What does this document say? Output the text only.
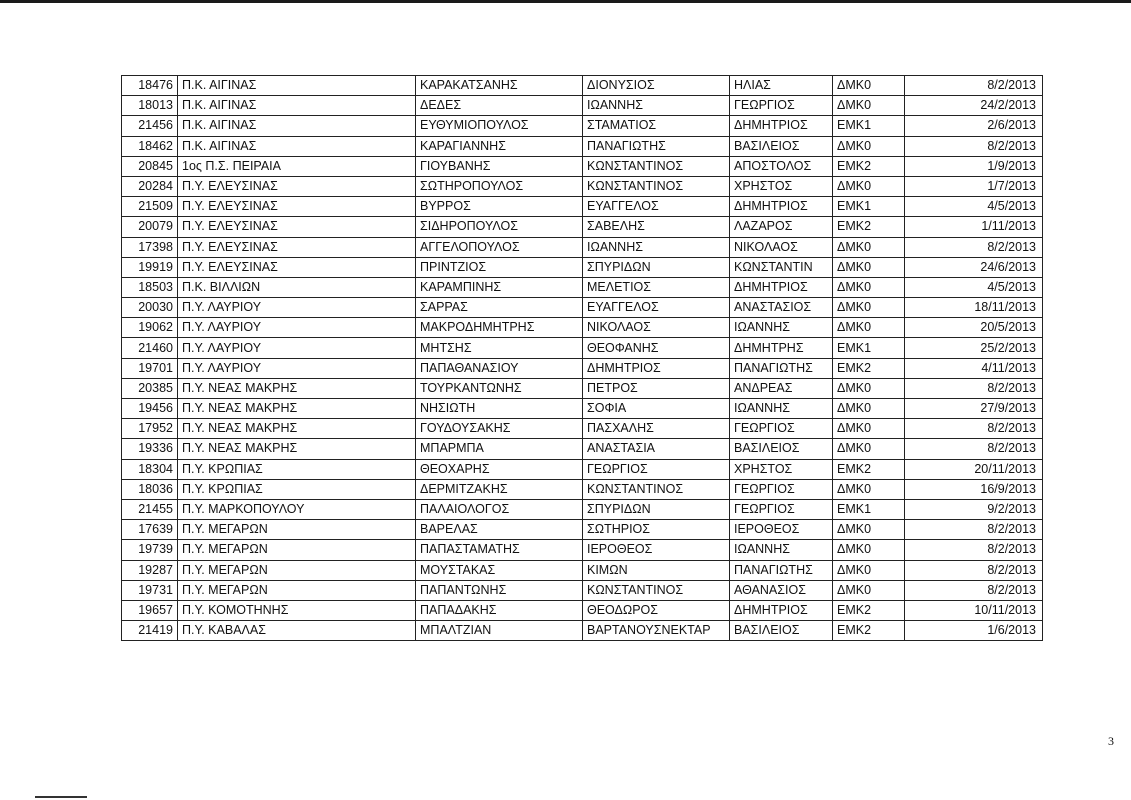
18476	Π.Κ. ΑΙΓΙΝΑΣ	ΚΑΡΑΚΑΤΣΑΝΗΣ	ΔΙΟΝΥΣΙΟΣ	ΗΛΙΑΣ	ΔΜΚ0	8/2/2013
18013	Π.Κ. ΑΙΓΙΝΑΣ	ΔΕΔΕΣ	ΙΩΑΝΝΗΣ	ΓΕΩΡΓΙΟΣ	ΔΜΚ0	24/2/2013
21456	Π.Κ. ΑΙΓΙΝΑΣ	ΕΥΘΥΜΙΟΠΟΥΛΟΣ	ΣΤΑΜΑΤΙΟΣ	ΔΗΜΗΤΡΙΟΣ	ΕΜΚ1	2/6/2013
18462	Π.Κ. ΑΙΓΙΝΑΣ	ΚΑΡΑΓΙΑΝΝΗΣ	ΠΑΝΑΓΙΩΤΗΣ	ΒΑΣΙΛΕΙΟΣ	ΔΜΚ0	8/2/2013
20845	1ος Π.Σ. ΠΕΙΡΑΙΑ	ΓΙΟΥΒΑΝΗΣ	ΚΩΝΣΤΑΝΤΙΝΟΣ	ΑΠΟΣΤΟΛΟΣ	ΕΜΚ2	1/9/2013
20284	Π.Υ. ΕΛΕΥΣΙΝΑΣ	ΣΩΤΗΡΟΠΟΥΛΟΣ	ΚΩΝΣΤΑΝΤΙΝΟΣ	ΧΡΗΣΤΟΣ	ΔΜΚ0	1/7/2013
21509	Π.Υ. ΕΛΕΥΣΙΝΑΣ	ΒΥΡΡΟΣ	ΕΥΑΓΓΕΛΟΣ	ΔΗΜΗΤΡΙΟΣ	ΕΜΚ1	4/5/2013
20079	Π.Υ. ΕΛΕΥΣΙΝΑΣ	ΣΙΔΗΡΟΠΟΥΛΟΣ	ΣΑΒΕΛΗΣ	ΛΑΖΑΡΟΣ	ΕΜΚ2	1/11/2013
17398	Π.Υ. ΕΛΕΥΣΙΝΑΣ	ΑΓΓΕΛΟΠΟΥΛΟΣ	ΙΩΑΝΝΗΣ	ΝΙΚΟΛΑΟΣ	ΔΜΚ0	8/2/2013
19919	Π.Υ. ΕΛΕΥΣΙΝΑΣ	ΠΡΙΝΤΖΙΟΣ	ΣΠΥΡΙΔΩΝ	ΚΩΝΣΤΑΝΤΙΝ	ΔΜΚ0	24/6/2013
18503	Π.Κ. ΒΙΛΛΙΩΝ	ΚΑΡΑΜΠΙΝΗΣ	ΜΕΛΕΤΙΟΣ	ΔΗΜΗΤΡΙΟΣ	ΔΜΚ0	4/5/2013
20030	Π.Υ. ΛΑΥΡΙΟΥ	ΣΑΡΡΑΣ	ΕΥΑΓΓΕΛΟΣ	ΑΝΑΣΤΑΣΙΟΣ	ΔΜΚ0	18/11/2013
19062	Π.Υ. ΛΑΥΡΙΟΥ	ΜΑΚΡΟΔΗΜΗΤΡΗΣ	ΝΙΚΟΛΑΟΣ	ΙΩΑΝΝΗΣ	ΔΜΚ0	20/5/2013
21460	Π.Υ. ΛΑΥΡΙΟΥ	ΜΗΤΣΗΣ	ΘΕΟΦΑΝΗΣ	ΔΗΜΗΤΡΗΣ	ΕΜΚ1	25/2/2013
19701	Π.Υ. ΛΑΥΡΙΟΥ	ΠΑΠΑΘΑΝΑΣΙΟΥ	ΔΗΜΗΤΡΙΟΣ	ΠΑΝΑΓΙΩΤΗΣ	ΕΜΚ2	4/11/2013
20385	Π.Υ. ΝΕΑΣ ΜΑΚΡΗΣ	ΤΟΥΡΚΑΝΤΩΝΗΣ	ΠΕΤΡΟΣ	ΑΝΔΡΕΑΣ	ΔΜΚ0	8/2/2013
19456	Π.Υ. ΝΕΑΣ ΜΑΚΡΗΣ	ΝΗΣΙΩΤΗ	ΣΟΦΙΑ	ΙΩΑΝΝΗΣ	ΔΜΚ0	27/9/2013
17952	Π.Υ. ΝΕΑΣ ΜΑΚΡΗΣ	ΓΟΥΔΟΥΣΑΚΗΣ	ΠΑΣΧΑΛΗΣ	ΓΕΩΡΓΙΟΣ	ΔΜΚ0	8/2/2013
19336	Π.Υ. ΝΕΑΣ ΜΑΚΡΗΣ	ΜΠΑΡΜΠΑ	ΑΝΑΣΤΑΣΙΑ	ΒΑΣΙΛΕΙΟΣ	ΔΜΚ0	8/2/2013
18304	Π.Υ. ΚΡΩΠΙΑΣ	ΘΕΟΧΑΡΗΣ	ΓΕΩΡΓΙΟΣ	ΧΡΗΣΤΟΣ	ΕΜΚ2	20/11/2013
18036	Π.Υ. ΚΡΩΠΙΑΣ	ΔΕΡΜΙΤΖΑΚΗΣ	ΚΩΝΣΤΑΝΤΙΝΟΣ	ΓΕΩΡΓΙΟΣ	ΔΜΚ0	16/9/2013
21455	Π.Υ. ΜΑΡΚΟΠΟΥΛΟΥ	ΠΑΛΑΙΟΛΟΓΟΣ	ΣΠΥΡΙΔΩΝ	ΓΕΩΡΓΙΟΣ	ΕΜΚ1	9/2/2013
17639	Π.Υ. ΜΕΓΑΡΩΝ	ΒΑΡΕΛΑΣ	ΣΩΤΗΡΙΟΣ	ΙΕΡΟΘΕΟΣ	ΔΜΚ0	8/2/2013
19739	Π.Υ. ΜΕΓΑΡΩΝ	ΠΑΠΑΣΤΑΜΑΤΗΣ	ΙΕΡΟΘΕΟΣ	ΙΩΑΝΝΗΣ	ΔΜΚ0	8/2/2013
19287	Π.Υ. ΜΕΓΑΡΩΝ	ΜΟΥΣΤΑΚΑΣ	ΚΙΜΩΝ	ΠΑΝΑΓΙΩΤΗΣ	ΔΜΚ0	8/2/2013
19731	Π.Υ. ΜΕΓΑΡΩΝ	ΠΑΠΑΝΤΩΝΗΣ	ΚΩΝΣΤΑΝΤΙΝΟΣ	ΑΘΑΝΑΣΙΟΣ	ΔΜΚ0	8/2/2013
19657	Π.Υ. ΚΟΜΟΤΗΝΗΣ	ΠΑΠΑΔΑΚΗΣ	ΘΕΟΔΩΡΟΣ	ΔΗΜΗΤΡΙΟΣ	ΕΜΚ2	10/11/2013
21419	Π.Υ. ΚΑΒΑΛΑΣ	ΜΠΑΛΤΖΙΑΝ	ΒΑΡΤΑΝΟΥΣΝΕΚΤΑΡ	ΒΑΣΙΛΕΙΟΣ	ΕΜΚ2	1/6/2013
3
